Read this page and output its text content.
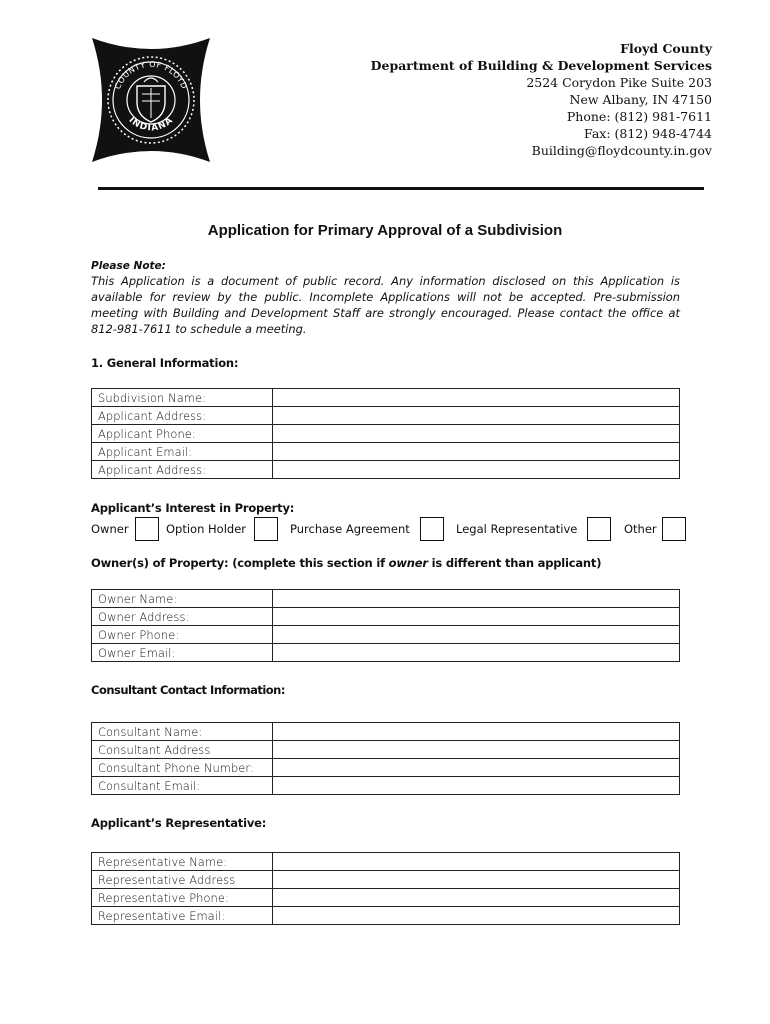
COUNTY OF FLOYD
INDIANA
Floyd County
Department of Building & Development Services
2524 Corydon Pike Suite 203
New Albany, IN 47150
Phone: (812) 981-7611
Fax: (812) 948-4744
Building@floydcounty.in.gov
Application for Primary Approval of a Subdivision
Please Note:
This Application is a document of public record. Any information disclosed on this Application is available for review by the public. Incomplete Applications will not be accepted. Pre-submission meeting with Building and Development Staff are strongly encouraged. Please contact the office at 812-981-7611 to schedule a meeting.
1. General Information:
Subdivision Name:	
Applicant Address:	
Applicant Phone:	
Applicant Email:	
Applicant Address:	
Applicant’s Interest in Property:
Owner	Option Holder	Purchase Agreement	Legal Representative	Other
Owner(s) of Property: (complete this section if owner is different than applicant)
Owner Name:	
Owner Address:	
Owner Phone:	
Owner Email:	
Consultant Contact Information:
Consultant Name:	
Consultant Address	
Consultant Phone Number:	
Consultant Email:	
Applicant’s Representative:
Representative Name:	
Representative Address	
Representative Phone:	
Representative Email:	
